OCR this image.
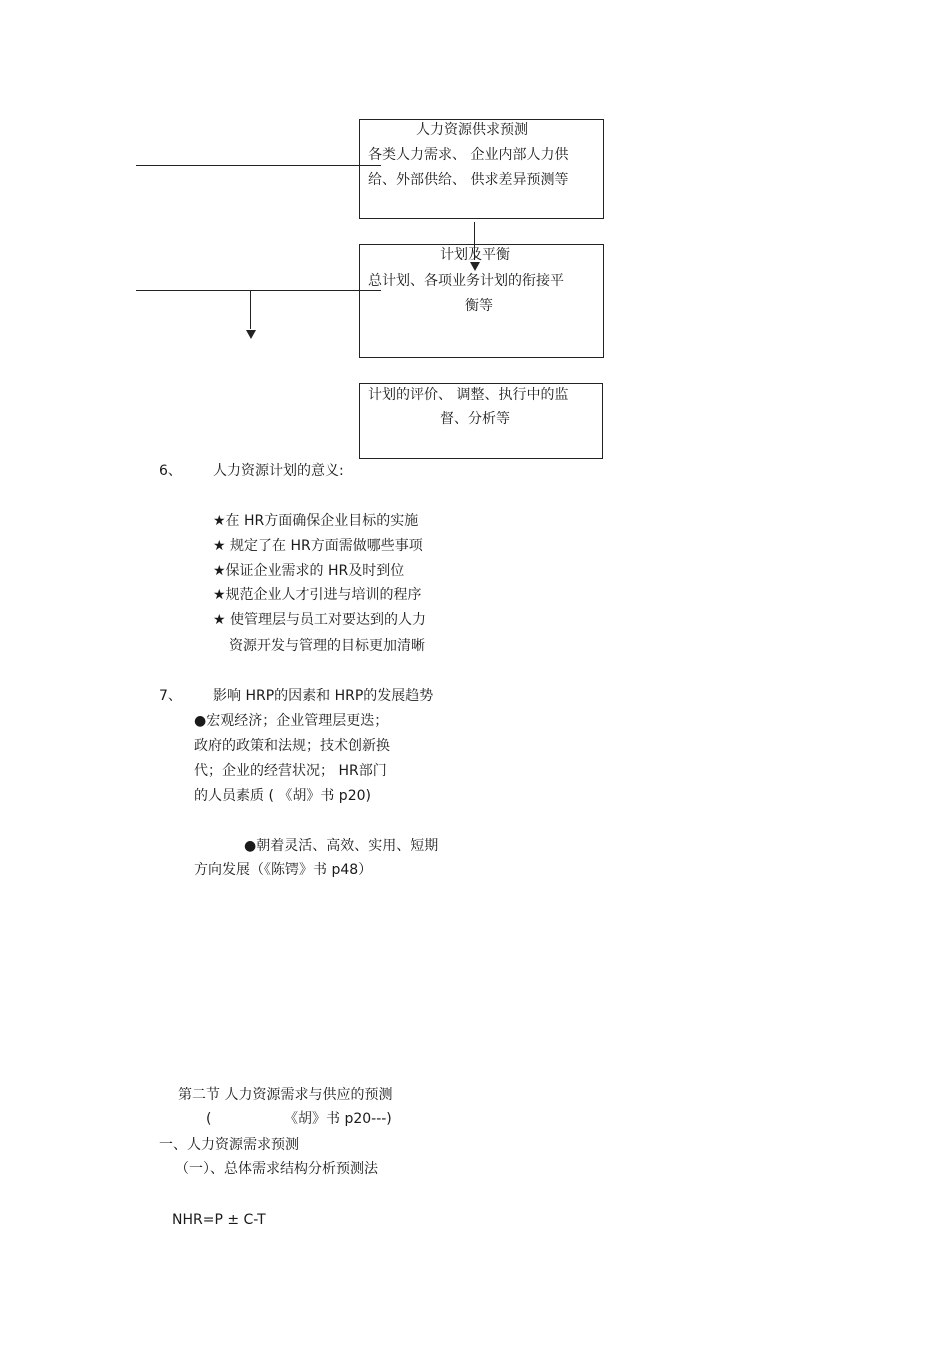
人力资源供求预测
各类人力需求、 企业内部人力供
给、外部供给、 供求差异预测等
计划及平衡
总计划、各项业务计划的衔接平
衡等
计划的评价、 调整、执行中的监
督、分析等
6、 人力资源计划的意义:
★在 HR方面确保企业目标的实施
★ 规定了在 HR方面需做哪些事项
★保证企业需求的 HR及时到位
★规范企业人才引进与培训的程序
★ 使管理层与员工对要达到的人力
资源开发与管理的目标更加清晰
7、 影响 HRP的因素和 HRP的发展趋势
●宏观经济；企业管理层更迭；
政府的政策和法规；技术创新换
代；企业的经营状况； HR部门
的人员素质 ( 《胡》书 p20)
●朝着灵活、高效、实用、短期
方向发展（《陈锷》书 p48）
第二节 人力资源需求与供应的预测
(	《胡》书 p20---)
一、人力资源需求预测
（一）、总体需求结构分析预测法
NHR=P ± C-T
